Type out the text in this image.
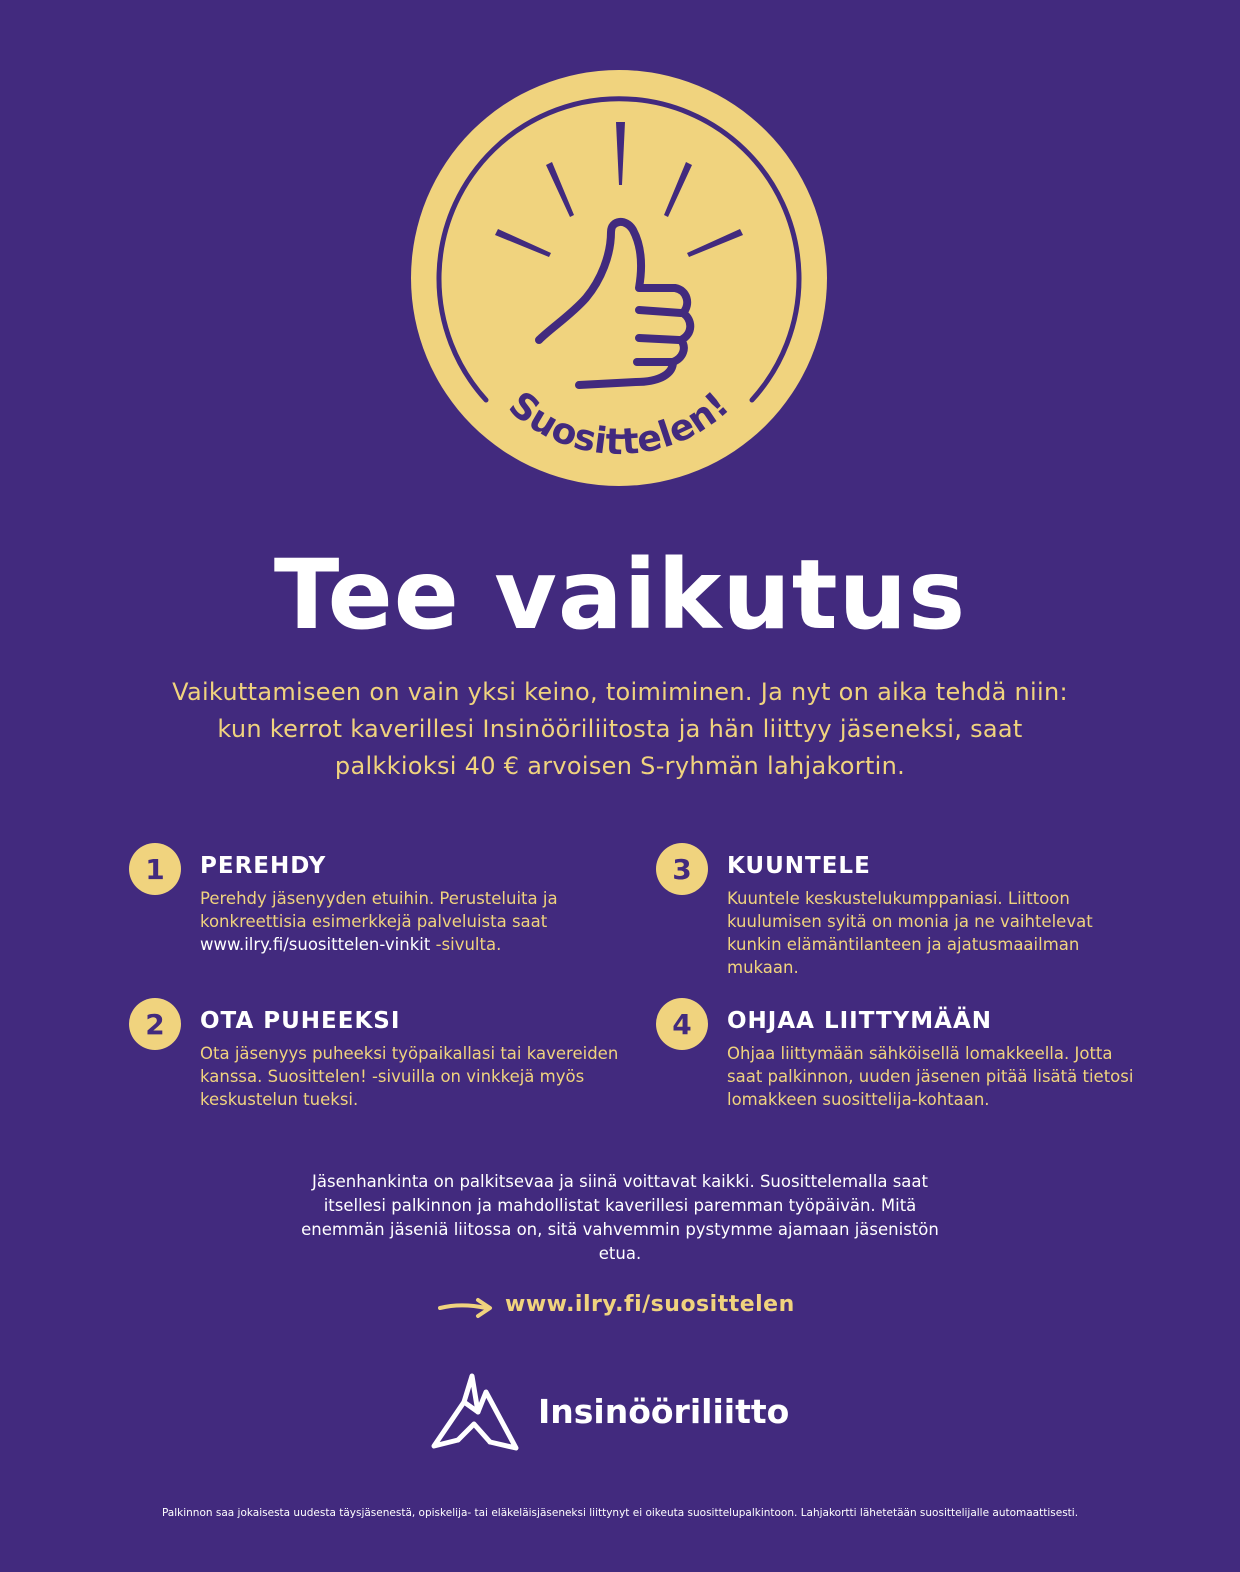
Suosittelen!
Tee vaikutus
Vaikuttamiseen on vain yksi keino, toimiminen. Ja nyt on aika tehdä niin: kun kerrot kaverillesi Insinööriliitosta ja hän liittyy jäseneksi, saat palkkioksi 40 € arvoisen S-ryhmän lahjakortin.
1	PEREHDY
Perehdy jäsenyyden etuihin. Perusteluita ja konkreettisia esimerkkejä palveluista saat www.ilry.fi/suosittelen-vinkit -sivulta.
2	OTA PUHEEKSI
Ota jäsenyys puheeksi työpaikallasi tai kavereiden kanssa. Suosittelen! -sivuilla on vinkkejä myös keskustelun tueksi.
3	KUUNTELE
Kuuntele keskustelukumppaniasi. Liittoon kuulumisen syitä on monia ja ne vaihtelevat kunkin elämäntilanteen ja ajatusmaailman mukaan.
4	OHJAA LIITTYMÄÄN
Ohjaa liittymään sähköisellä lomakkeella. Jotta saat palkinnon, uuden jäsenen pitää lisätä tietosi lomakkeen suosittelija-kohtaan.
Jäsenhankinta on palkitsevaa ja siinä voittavat kaikki. Suosittelemalla saat itsellesi palkinnon ja mahdollistat kaverillesi paremman työpäivän. Mitä enemmän jäseniä liitossa on, sitä vahvemmin pystymme ajamaan jäsenistön etua.
www.ilry.fi/suosittelen
Insinööriliitto
Palkinnon saa jokaisesta uudesta täysjäsenestä, opiskelija- tai eläkeläisjäseneksi liittynyt ei oikeuta suosittelupalkintoon. Lahjakortti lähetetään suosittelijalle automaattisesti.
